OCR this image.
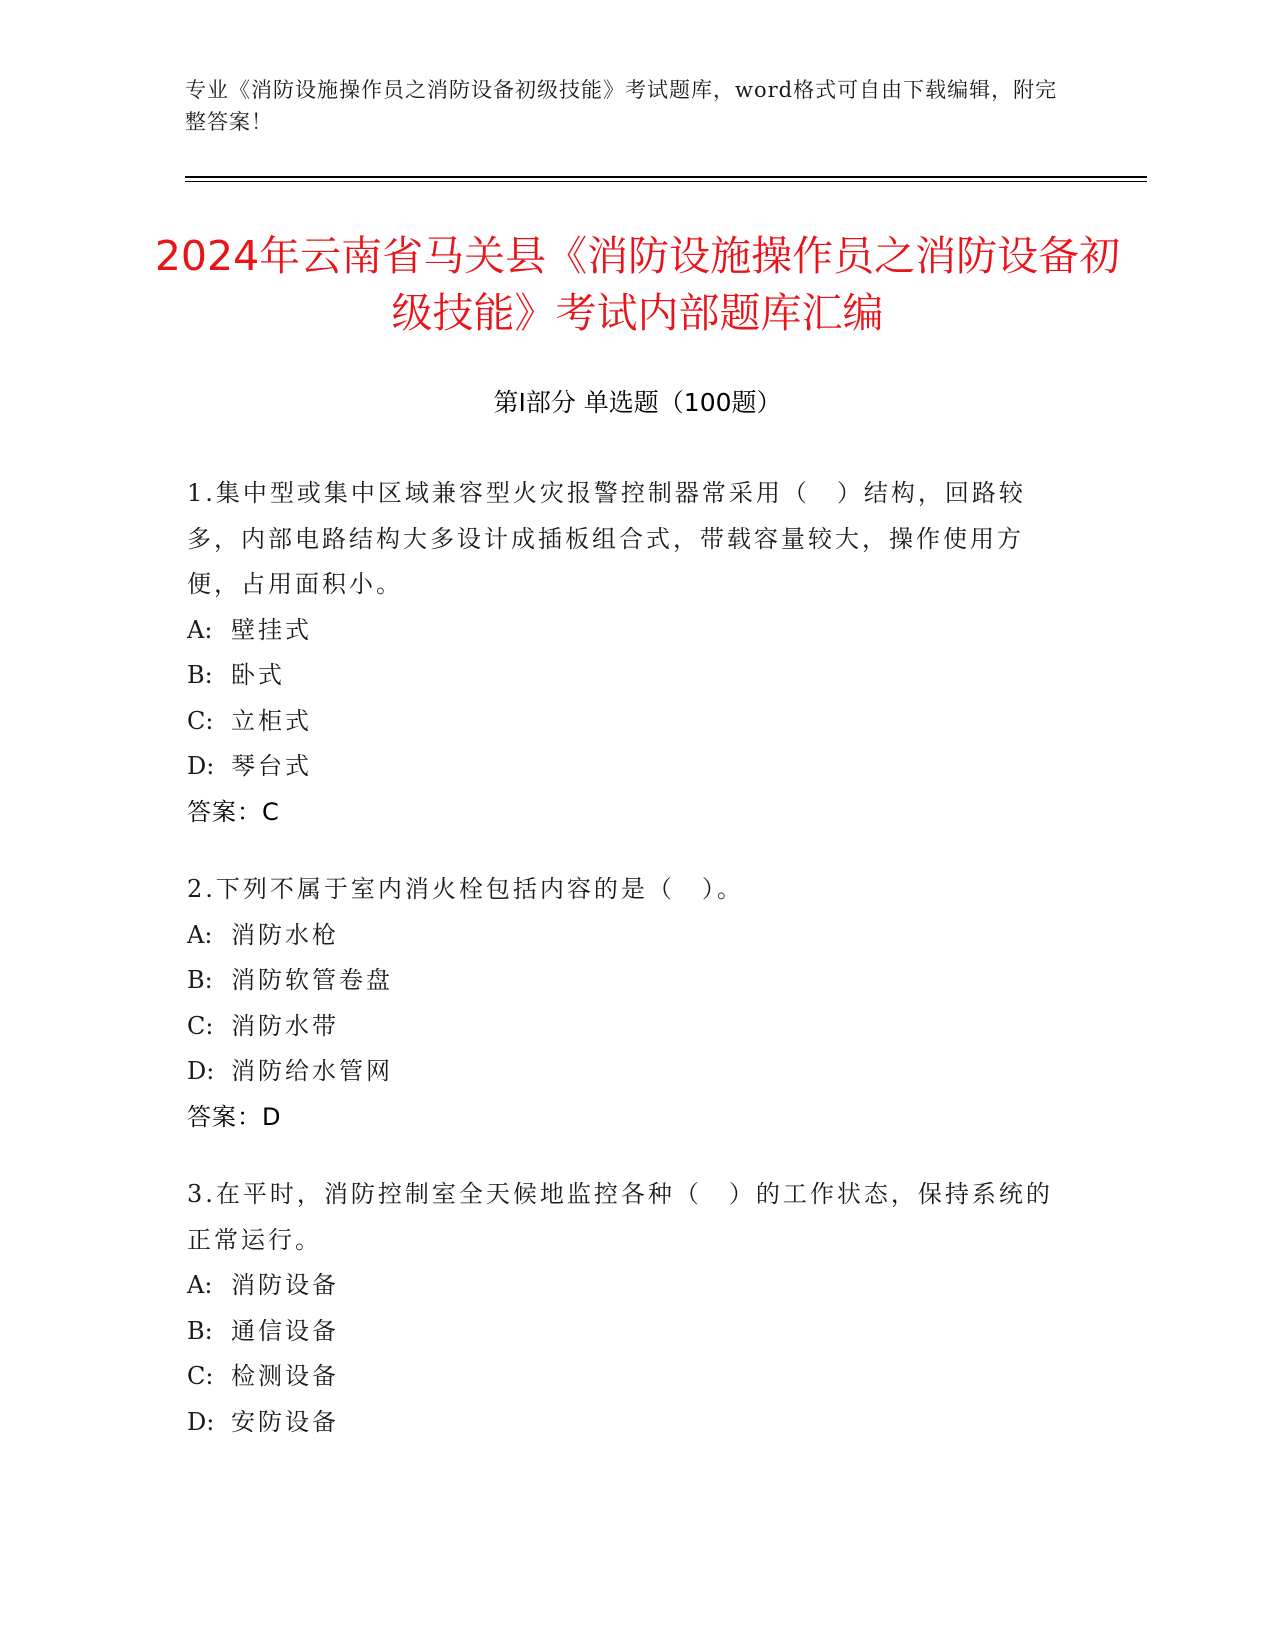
专业《消防设施操作员之消防设备初级技能》考试题库，word格式可自由下载编辑，附完整答案！
2024年云南省马关县《消防设施操作员之消防设备初级技能》考试内部题库汇编
第I部分 单选题（100题）
1.集中型或集中区域兼容型火灾报警控制器常采用（　）结构，回路较多，内部电路结构大多设计成插板组合式，带载容量较大，操作使用方便，占用面积小。
A: 壁挂式
B: 卧式
C: 立柜式
D: 琴台式
答案：C
2.下列不属于室内消火栓包括内容的是（　）。
A: 消防水枪
B: 消防软管卷盘
C: 消防水带
D: 消防给水管网
答案：D
3.在平时，消防控制室全天候地监控各种（　）的工作状态，保持系统的正常运行。
A: 消防设备
B: 通信设备
C: 检测设备
D: 安防设备
